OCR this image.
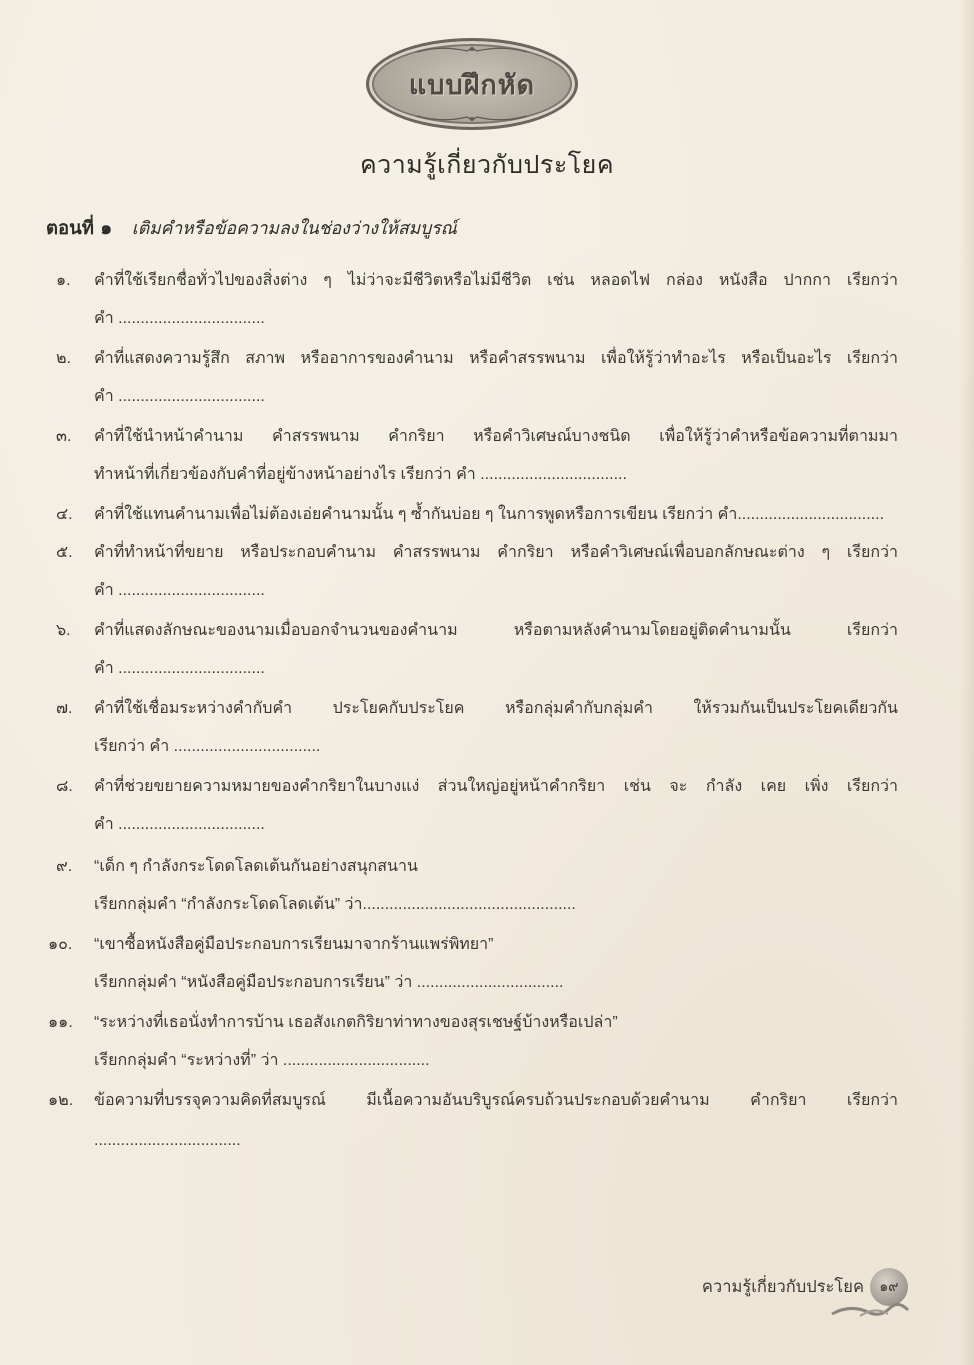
แบบฝึกหัด
ความรู้เกี่ยวกับประโยค
ตอนที่ ๑ เติมคำหรือข้อความลงในช่องว่างให้สมบูรณ์
๑.	คำที่ใช้เรียกชื่อทั่วไปของสิ่งต่าง ๆ ไม่ว่าจะมีชีวิตหรือไม่มีชีวิต เช่น หลอดไฟ กล่อง หนังสือ ปากกา เรียกว่า
คำ .................................
๒.	คำที่แสดงความรู้สึก สภาพ หรืออาการของคำนาม หรือคำสรรพนาม เพื่อให้รู้ว่าทำอะไร หรือเป็นอะไร เรียกว่า
คำ .................................
๓.	คำที่ใช้นำหน้าคำนาม คำสรรพนาม คำกริยา หรือคำวิเศษณ์บางชนิด เพื่อให้รู้ว่าคำหรือข้อความที่ตามมา
ทำหน้าที่เกี่ยวข้องกับคำที่อยู่ข้างหน้าอย่างไร เรียกว่า คำ .................................
๔.	คำที่ใช้แทนคำนามเพื่อไม่ต้องเอ่ยคำนามนั้น ๆ ซ้ำกันบ่อย ๆ ในการพูดหรือการเขียน เรียกว่า คำ.................................
๕.	คำที่ทำหน้าที่ขยาย หรือประกอบคำนาม คำสรรพนาม คำกริยา หรือคำวิเศษณ์เพื่อบอกลักษณะต่าง ๆ เรียกว่า
คำ .................................
๖.	คำที่แสดงลักษณะของนามเมื่อบอกจำนวนของคำนาม หรือตามหลังคำนามโดยอยู่ติดคำนามนั้น เรียกว่า
คำ .................................
๗.	คำที่ใช้เชื่อมระหว่างคำกับคำ ประโยคกับประโยค หรือกลุ่มคำกับกลุ่มคำ ให้รวมกันเป็นประโยคเดียวกัน
เรียกว่า คำ .................................
๘.	คำที่ช่วยขยายความหมายของคำกริยาในบางแง่ ส่วนใหญ่อยู่หน้าคำกริยา เช่น จะ กำลัง เคย เพิ่ง เรียกว่า
คำ .................................
๙.	“เด็ก ๆ กำลังกระโดดโลดเต้นกันอย่างสนุกสนาน
เรียกกลุ่มคำ “กำลังกระโดดโลดเต้น” ว่า................................................
๑๐.	“เขาซื้อหนังสือคู่มือประกอบการเรียนมาจากร้านแพร่พิทยา”
เรียกกลุ่มคำ “หนังสือคู่มือประกอบการเรียน” ว่า .................................
๑๑.	“ระหว่างที่เธอนั่งทำการบ้าน เธอสังเกตกิริยาท่าทางของสุรเชษฐ์บ้างหรือเปล่า”
เรียกกลุ่มคำ “ระหว่างที่” ว่า .................................
๑๒.	ข้อความที่บรรจุความคิดที่สมบูรณ์ มีเนื้อความอันบริบูรณ์ครบถ้วนประกอบด้วยคำนาม คำกริยา เรียกว่า
.................................
ความรู้เกี่ยวกับประโยค ๑๙
